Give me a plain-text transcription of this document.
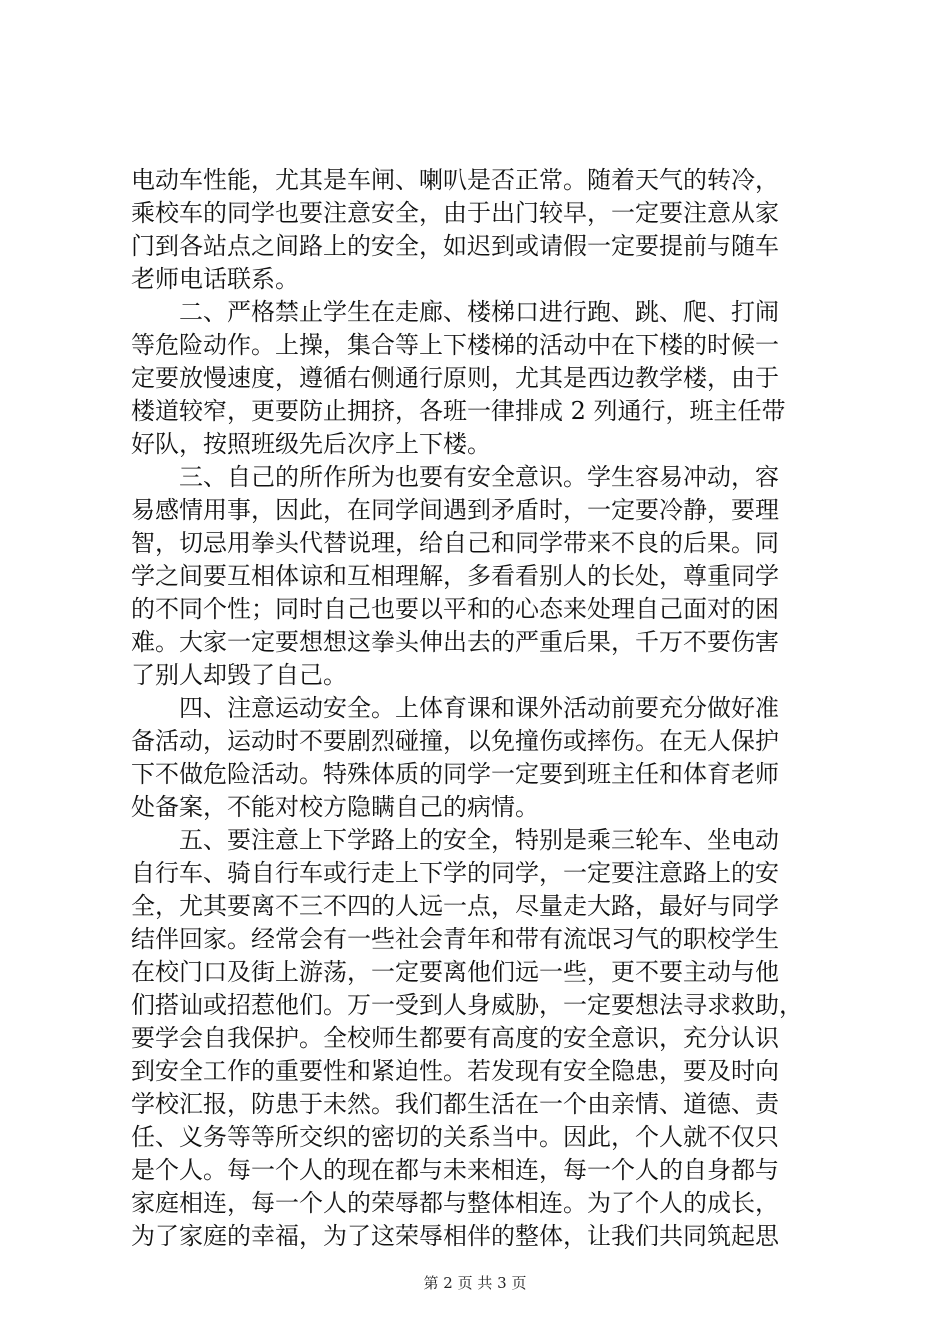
电动车性能，尤其是车闸、喇叭是否正常。随着天气的转冷，
乘校车的同学也要注意安全，由于出门较早，一定要注意从家
门到各站点之间路上的安全，如迟到或请假一定要提前与随车
老师电话联系。
　　二、严格禁止学生在走廊、楼梯口进行跑、跳、爬、打闹
等危险动作。上操，集合等上下楼梯的活动中在下楼的时候一
定要放慢速度，遵循右侧通行原则，尤其是西边教学楼，由于
楼道较窄，更要防止拥挤，各班一律排成 2 列通行，班主任带
好队，按照班级先后次序上下楼。
　　三、自己的所作所为也要有安全意识。学生容易冲动，容
易感情用事，因此，在同学间遇到矛盾时，一定要冷静，要理
智，切忌用拳头代替说理，给自己和同学带来不良的后果。同
学之间要互相体谅和互相理解，多看看别人的长处，尊重同学
的不同个性；同时自己也要以平和的心态来处理自己面对的困
难。大家一定要想想这拳头伸出去的严重后果，千万不要伤害
了别人却毁了自己。
　　四、注意运动安全。上体育课和课外活动前要充分做好准
备活动，运动时不要剧烈碰撞，以免撞伤或摔伤。在无人保护
下不做危险活动。特殊体质的同学一定要到班主任和体育老师
处备案，不能对校方隐瞒自己的病情。
　　五、要注意上下学路上的安全，特别是乘三轮车、坐电动
自行车、骑自行车或行走上下学的同学，一定要注意路上的安
全，尤其要离不三不四的人远一点，尽量走大路，最好与同学
结伴回家。经常会有一些社会青年和带有流氓习气的职校学生
在校门口及街上游荡，一定要离他们远一些，更不要主动与他
们搭讪或招惹他们。万一受到人身威胁，一定要想法寻求救助，
要学会自我保护。全校师生都要有高度的安全意识，充分认识
到安全工作的重要性和紧迫性。若发现有安全隐患，要及时向
学校汇报，防患于未然。我们都生活在一个由亲情、道德、责
任、义务等等所交织的密切的关系当中。因此，个人就不仅只
是个人。每一个人的现在都与未来相连，每一个人的自身都与
家庭相连，每一个人的荣辱都与整体相连。为了个人的成长，
为了家庭的幸福，为了这荣辱相伴的整体，让我们共同筑起思
第 2 页 共 3 页
